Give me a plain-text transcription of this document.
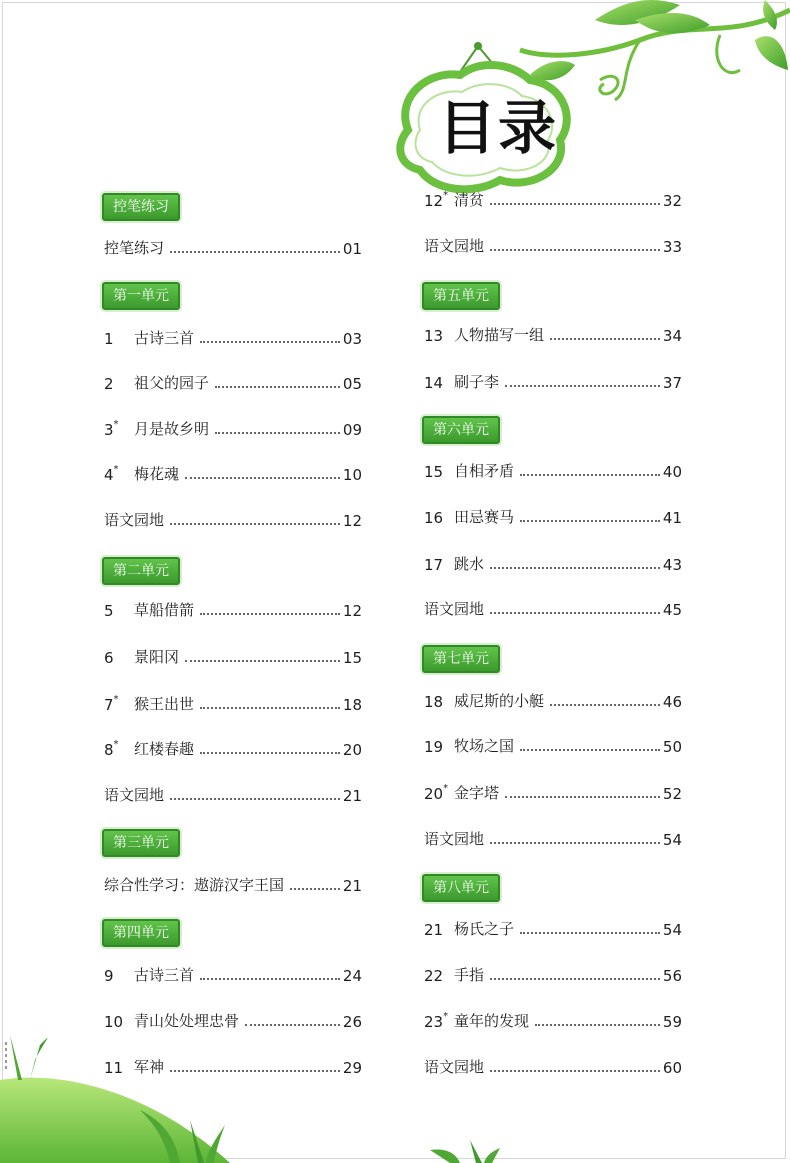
目录
控笔练习
控笔练习	01
第一单元
1	古诗三首	03
2	祖父的园子	05
3*	月是故乡明	09
4*	梅花魂	10
语文园地	12
第二单元
5	草船借箭	12
6	景阳冈	15
7*	猴王出世	18
8*	红楼春趣	20
语文园地	21
第三单元
综合性学习：遨游汉字王国	21
第四单元
9	古诗三首	24
10 青山处处埋忠骨	26
11 军神	29
12* 清贫	32
语文园地	33
第五单元
13 人物描写一组	34
14 刷子李	37
第六单元
15 自相矛盾	40
16 田忌赛马	41
17 跳水	43
语文园地	45
第七单元
18 威尼斯的小艇	46
19 牧场之国	50
20* 金字塔	52
语文园地	54
第八单元
21 杨氏之子	54
22 手指	56
23* 童年的发现	59
语文园地	60
